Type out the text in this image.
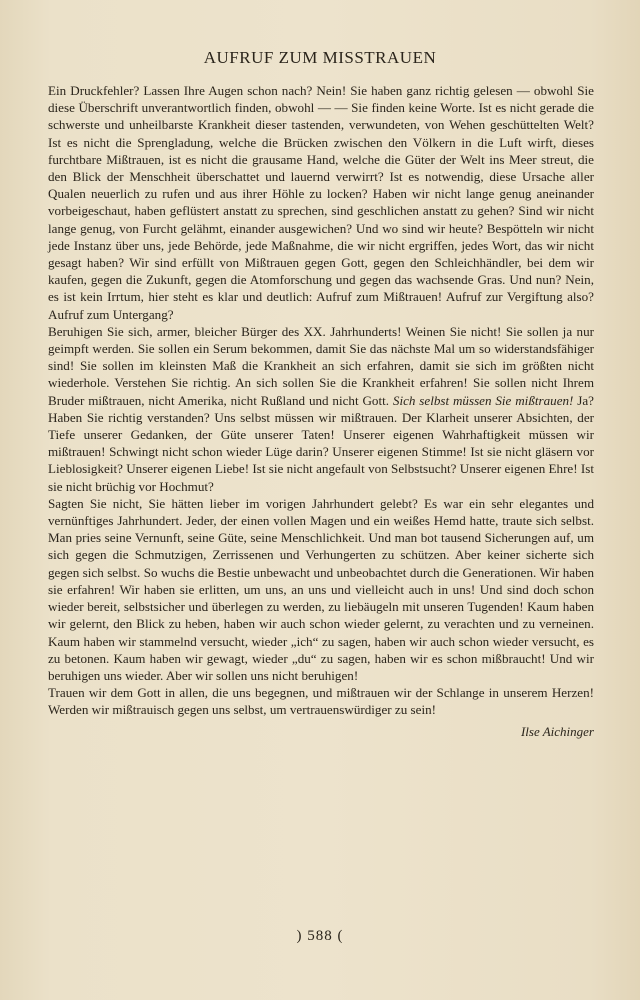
AUFRUF ZUM MISSTRAUEN

Ein Druckfehler? Lassen Ihre Augen schon nach? Nein! Sie haben ganz richtig gelesen — obwohl Sie diese Überschrift unverantwortlich finden, obwohl — — Sie finden keine Worte. Ist es nicht gerade die schwerste und unheilbarste Krankheit dieser tastenden, verwundeten, von Wehen geschüttelten Welt? Ist es nicht die Sprengladung, welche die Brücken zwischen den Völkern in die Luft wirft, dieses furchtbare Mißtrauen, ist es nicht die grausame Hand, welche die Güter der Welt ins Meer streut, die den Blick der Menschheit überschattet und lauernd verwirrt? Ist es notwendig, diese Ursache aller Qualen neuerlich zu rufen und aus ihrer Höhle zu locken? Haben wir nicht lange genug aneinander vorbeigeschaut, haben geflüstert anstatt zu sprechen, sind geschlichen anstatt zu gehen? Sind wir nicht lange genug, von Furcht gelähmt, einander ausgewichen? Und wo sind wir heute? Bespötteln wir nicht jede Instanz über uns, jede Behörde, jede Maßnahme, die wir nicht ergriffen, jedes Wort, das wir nicht gesagt haben? Wir sind erfüllt von Mißtrauen gegen Gott, gegen den Schleichhändler, bei dem wir kaufen, gegen die Zukunft, gegen die Atomforschung und gegen das wachsende Gras. Und nun? Nein, es ist kein Irrtum, hier steht es klar und deutlich: Aufruf zum Mißtrauen! Aufruf zur Vergiftung also? Aufruf zum Untergang?

Beruhigen Sie sich, armer, bleicher Bürger des XX. Jahrhunderts! Weinen Sie nicht! Sie sollen ja nur geimpft werden. Sie sollen ein Serum bekommen, damit Sie das nächste Mal um so widerstandsfähiger sind! Sie sollen im kleinsten Maß die Krankheit an sich erfahren, damit sie sich im größten nicht wiederhole. Verstehen Sie richtig. An sich sollen Sie die Krankheit erfahren! Sie sollen nicht Ihrem Bruder mißtrauen, nicht Amerika, nicht Rußland und nicht Gott. Sich selbst müssen Sie mißtrauen! Ja? Haben Sie richtig verstanden? Uns selbst müssen wir mißtrauen. Der Klarheit unserer Absichten, der Tiefe unserer Gedanken, der Güte unserer Taten! Unserer eigenen Wahrhaftigkeit müssen wir mißtrauen! Schwingt nicht schon wieder Lüge darin? Unserer eigenen Stimme! Ist sie nicht gläsern vor Lieblosigkeit? Unserer eigenen Liebe! Ist sie nicht angefault von Selbstsucht? Unserer eigenen Ehre! Ist sie nicht brüchig vor Hochmut?

Sagten Sie nicht, Sie hätten lieber im vorigen Jahrhundert gelebt? Es war ein sehr elegantes und vernünftiges Jahrhundert. Jeder, der einen vollen Magen und ein weißes Hemd hatte, traute sich selbst. Man pries seine Vernunft, seine Güte, seine Menschlichkeit. Und man bot tausend Sicherungen auf, um sich gegen die Schmutzigen, Zerrissenen und Verhungerten zu schützen. Aber keiner sicherte sich gegen sich selbst. So wuchs die Bestie unbewacht und unbeobachtet durch die Generationen. Wir haben sie erfahren! Wir haben sie erlitten, um uns, an uns und vielleicht auch in uns! Und sind doch schon wieder bereit, selbstsicher und überlegen zu werden, zu liebäugeln mit unseren Tugenden! Kaum haben wir gelernt, den Blick zu heben, haben wir auch schon wieder gelernt, zu verachten und zu verneinen. Kaum haben wir stammelnd versucht, wieder „ich“ zu sagen, haben wir auch schon wieder versucht, es zu betonen. Kaum haben wir gewagt, wieder „du“ zu sagen, haben wir es schon mißbraucht! Und wir beruhigen uns wieder. Aber wir sollen uns nicht beruhigen!

Trauen wir dem Gott in allen, die uns begegnen, und mißtrauen wir der Schlange in unserem Herzen! Werden wir mißtrauisch gegen uns selbst, um vertrauenswürdiger zu sein!

Ilse Aichinger

) 588 (
